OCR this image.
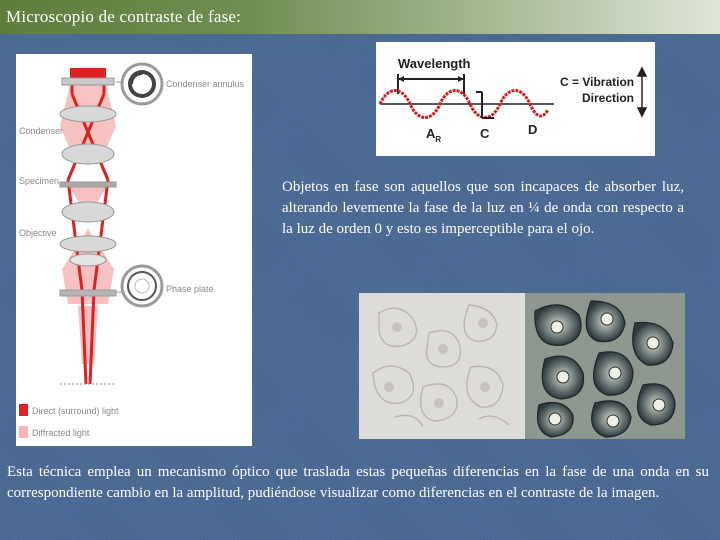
Microscopio de contraste de fase:
Condenser annulus
Condenser
Specimen
Objective
Phase plate
Direct (surround) light
Diffracted light
Wavelength
$A_R$	C	D
C = Vibration
Direction
Objetos en fase son aquellos que son incapaces de absorber luz, alterando levemente la fase de la luz en ¼ de onda con respecto a la luz de orden 0 y esto es imperceptible para el ojo.
Esta técnica emplea un mecanismo óptico que traslada estas pequeñas diferencias en la fase de una onda en su correspondiente cambio en la amplitud, pudiéndose visualizar como diferencias en el contraste de la imagen.
